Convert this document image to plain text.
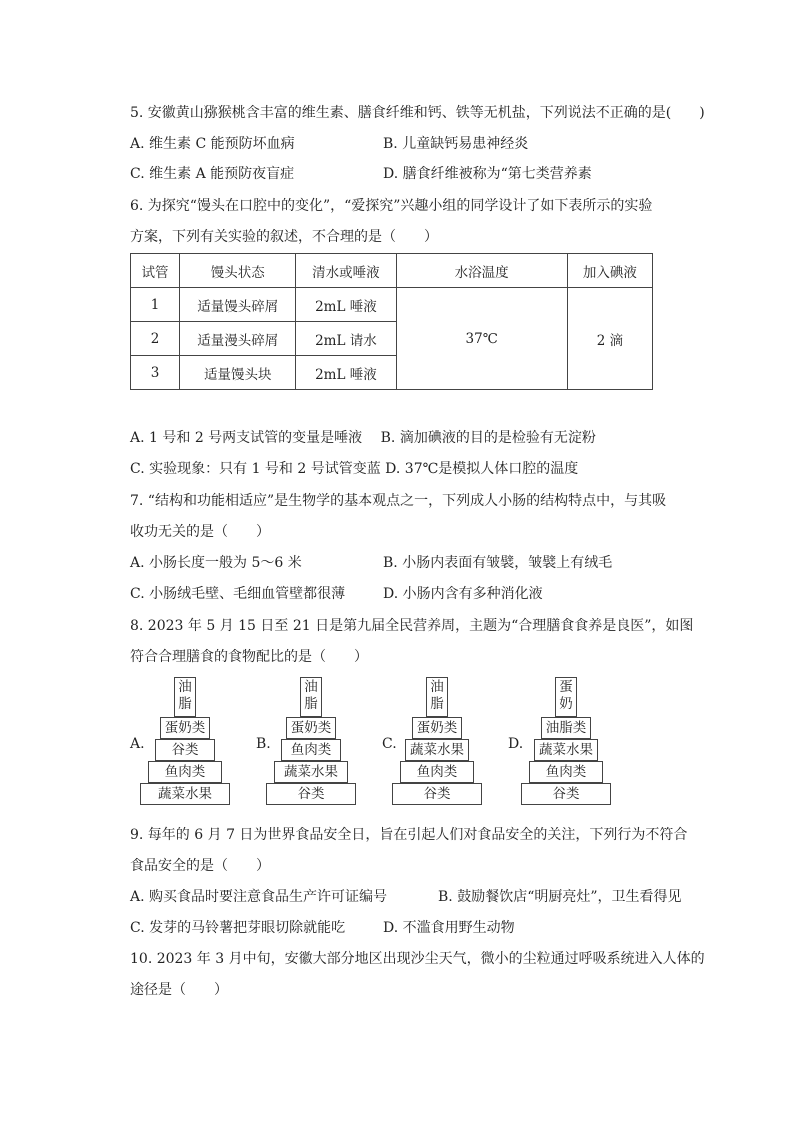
5. 安徽黄山猕猴桃含丰富的维生素、膳食纤维和钙、铁等无机盐，下列说法不正确的是(　　)
A. 维生素 C 能预防坏血病	B. 儿童缺钙易患神经炎
C. 维生素 A 能预防夜盲症	D. 膳食纤维被称为“第七类营养素
6. 为探究“馒头在口腔中的变化”，“爱探究”兴趣小组的同学设计了如下表所示的实验
方案，下列有关实验的叙述，不合理的是（　　）
试管	馒头状态	清水或唾液	水浴温度	加入碘液
1	适量馒头碎屑	2mL 唾液	37℃	2 滴
2	适量漫头碎屑	2mL 请水		
3	适量馒头块	2mL 唾液		
A. 1 号和 2 号两支试管的变量是唾液　 B. 滴加碘液的目的是检验有无淀粉
C. 实验现象：只有 1 号和 2 号试管变蓝 D. 37℃是模拟人体口腔的温度
7. “结构和功能相适应”是生物学的基本观点之一，下列成人小肠的结构特点中，与其吸
收功无关的是（　　）
A. 小肠长度一般为 5～6 米	B. 小肠内表面有皱襞，皱襞上有绒毛
C. 小肠绒毛壁、毛细血管壁都很薄	D. 小肠内含有多种消化液
8. 2023 年 5 月 15 日至 21 日是第九届全民营养周，主题为“合理膳食食养是良医”，如图
符合合理膳食的食物配比的是（　　）
A.
油脂
蛋奶类
谷类
鱼肉类
蔬菜水果
B.
油脂
蛋奶类
鱼肉类
蔬菜水果
谷类
C.
油脂
蛋奶类
蔬菜水果
鱼肉类
谷类
D.
蛋奶
油脂类
蔬菜水果
鱼肉类
谷类
9. 每年的 6 月 7 日为世界食品安全日，旨在引起人们对食品安全的关注，下列行为不符合
食品安全的是（　　）
A. 购买食品时要注意食品生产许可证编号	B. 鼓励餐饮店“明厨亮灶”，卫生看得见
C. 发芽的马铃薯把芽眼切除就能吃	D. 不滥食用野生动物
10. 2023 年 3 月中旬，安徽大部分地区出现沙尘天气，微小的尘粒通过呼吸系统进入人体的
途径是（　　）
